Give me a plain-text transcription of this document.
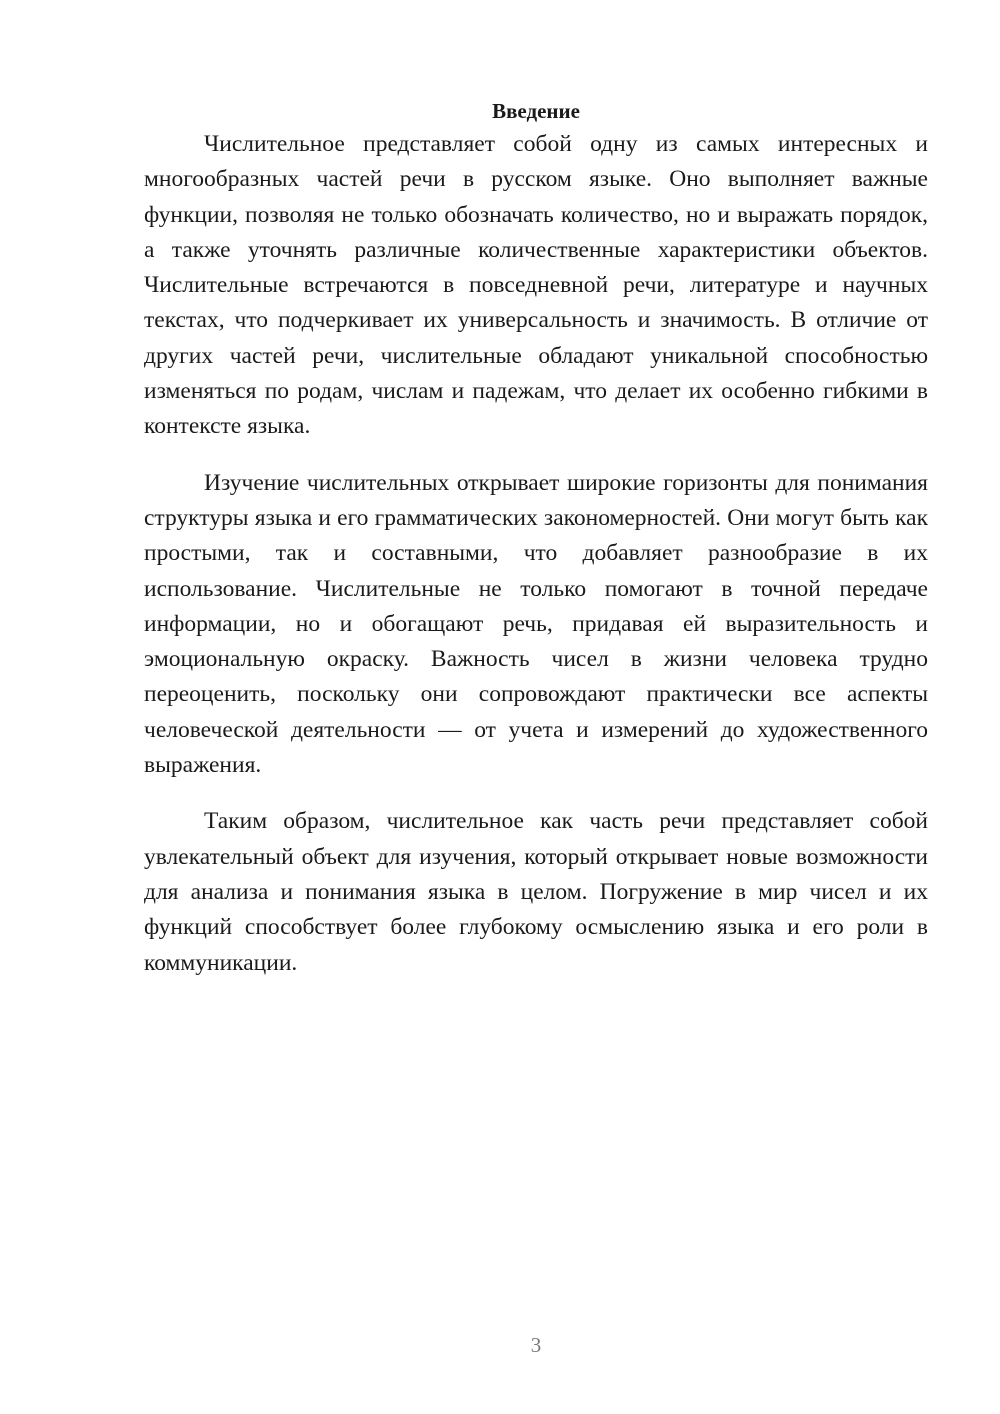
Введение

Числительное представляет собой одну из самых интересных и многообразных частей речи в русском языке. Оно выполняет важные функции, позволяя не только обозначать количество, но и выражать порядок, а также уточнять различные количественные характеристики объектов. Числительные встречаются в повседневной речи, литературе и научных текстах, что подчеркивает их универсальность и значимость. В отличие от других частей речи, числительные обладают уникальной способностью изменяться по родам, числам и падежам, что делает их особенно гибкими в контексте языка.

Изучение числительных открывает широкие горизонты для понимания структуры языка и его грамматических закономерностей. Они могут быть как простыми, так и составными, что добавляет разнообразие в их использование. Числительные не только помогают в точной передаче информации, но и обогащают речь, придавая ей выразительность и эмоциональную окраску. Важность чисел в жизни человека трудно переоценить, поскольку они сопровождают практически все аспекты человеческой деятельности — от учета и измерений до художественного выражения.

Таким образом, числительное как часть речи представляет собой увлекательный объект для изучения, который открывает новые возможности для анализа и понимания языка в целом. Погружение в мир чисел и их функций способствует более глубокому осмыслению языка и его роли в коммуникации.

3
